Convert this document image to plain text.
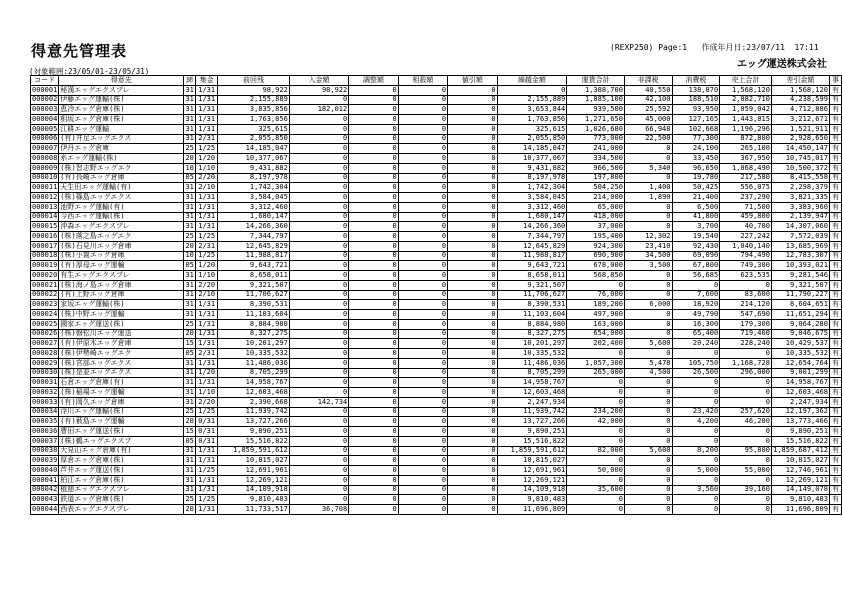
得意先管理表	(REXP250) Page:1 作成年月日:23/07/11 17:11
エッグ運送株式会社
(対象範囲:23/05/01-23/05/31)
コード	得意先	締	集金	前回残	入金額	調整額	相殺額	値引額	繰越金額	運賃合計	非課税	消費税	売上合計	差引金額	事
000001	秘漢エッグエクスプレ	31	1/31	98,922	98,922	0	0	0	0	1,388,700	40,550	138,870	1,568,120	1,568,120	有
000002	伊藤エッグ運輸(株)	31	1/31	2,155,889	0	0	0	0	2,155,889	1,885,100	42,100	188,510	2,082,710	4,238,599	有
000003	恵冷エッグ倉庫(株)	31	1/31	3,835,856	182,012	0	0	0	3,653,844	939,500	25,592	93,950	1,059,042	4,712,886	有
000004	相坂エッグ倉庫(株)	31	1/31	1,763,856	0	0	0	0	1,763,856	1,271,650	45,000	127,165	1,443,815	3,212,671	有
000005	江耕エッグ運輸	31	1/31	325,615	0	0	0	0	325,615	1,026,680	66,948	102,668	1,196,296	1,521,911	有
000006	(有)井足エッグエクス	31	2/31	2,055,850	0	0	0	0	2,055,850	773,000	22,500	77,300	872,800	2,928,650	有
000007	伊丹エッグ倉庫	25	1/25	14,185,047	0	0	0	0	14,185,047	241,000	0	24,100	265,100	14,450,147	有
000008	糸エッグ運輸(株)	20	1/20	10,377,067	0	0	0	0	10,377,067	334,500	0	33,450	367,950	10,745,017	有
000009	(株)習志野エッグエク	10	1/10	9,431,882	0	0	0	0	9,431,882	966,500	5,340	96,650	1,068,490	10,500,372	有
000010	(有)長崎エッグ倉庫	05	2/20	8,197,978	0	0	0	0	8,197,978	197,800	0	19,780	217,580	8,415,558	有
000011	天生田エッグ運輸(有)	31	2/10	1,742,304	0	0	0	0	1,742,304	504,250	1,400	50,425	556,075	2,298,379	有
000012	(株)篠島エッグエクス	31	1/31	3,584,045	0	0	0	0	3,584,045	214,000	1,890	21,400	237,290	3,821,335	有
000013	池野エッグ運輸(有)	31	1/31	3,312,460	0	0	0	0	3,312,460	65,000	0	6,500	71,500	3,383,960	有
000014	今西エッグ運輸(株)	31	1/31	1,680,147	0	0	0	0	1,680,147	418,000	0	41,800	459,800	2,139,947	有
000015	沖森エッグエクスプレ	31	1/31	14,266,360	0	0	0	0	14,266,360	37,000	0	3,700	40,700	14,307,060	有
000016	(株)落之島エッグエク	25	1/25	7,344,797	0	0	0	0	7,344,797	195,400	12,302	19,540	227,242	7,572,039	有
000017	(株)石見川エッグ倉庫	20	2/31	12,645,829	0	0	0	0	12,645,829	924,300	23,410	92,430	1,040,140	13,685,969	有
000018	(株)小置エッグ倉庫	10	1/25	11,988,817	0	0	0	0	11,988,817	690,900	34,500	69,090	794,490	12,783,307	有
000019	(有)厚母エッグ運輸	05	1/20	9,643,721	0	0	0	0	9,643,721	678,000	3,500	67,800	749,300	10,393,021	有
000020	有生エッグエクスプレ	31	1/10	8,658,011	0	0	0	0	8,658,011	568,850	0	56,685	623,535	9,281,546	有
000021	(株)海ノ島エッグ倉庫	31	2/20	9,321,507	0	0	0	0	9,321,507	0	0	0	0	9,321,507	有
000022	(有)上野エッグ倉庫	31	2/10	11,706,627	0	0	0	0	11,706,627	76,000	0	7,600	83,600	11,790,227	有
000023	家坂エッグ運輸(株)	31	1/31	8,390,531	0	0	0	0	8,390,531	189,200	6,000	18,920	214,120	8,604,651	有
000024	(株)中野エッグ運輸	31	1/31	11,103,604	0	0	0	0	11,103,604	497,900	0	49,790	547,690	11,651,294	有
000025	國家エッグ運送(株)	25	1/31	8,884,980	0	0	0	0	8,884,980	163,000	0	16,300	179,300	9,064,280	有
000026	(株)磐松川エッグ運送	20	1/31	8,327,275	0	0	0	0	8,327,275	654,000	0	65,400	719,400	9,046,675	有
000027	(有)伊原木エッグ倉庫	15	1/31	10,201,297	0	0	0	0	10,201,297	202,400	5,600	20,240	228,240	10,429,537	有
000028	(株)伊勢崎エッグエク	05	2/31	10,335,532	0	0	0	0	10,335,532	0	0	0	0	10,335,532	有
000029	(株)宮部エッグエクス	31	1/31	11,486,036	0	0	0	0	11,486,036	1,057,300	5,478	105,750	1,168,728	12,654,764	有
000030	(株)是並エッグエクス	31	1/20	8,705,299	0	0	0	0	8,705,299	265,000	4,500	26,500	296,000	9,001,299	有
000031	石倉エッグ倉庫(有)	31	1/31	14,958,767	0	0	0	0	14,958,767	0	0	0	0	14,958,767	有
000032	(株)稲場エッグ運輸	31	1/10	12,603,468	0	0	0	0	12,603,468	0	0	0	0	12,603,468	有
000033	(有)岡久エッグ倉庫	31	2/20	2,390,668	142,734	0	0	0	2,247,934	0	0	0	0	2,247,934	有
000034	浮川エッグ運輸(株)	25	1/25	11,939,742	0	0	0	0	11,939,742	234,200	0	23,420	257,620	12,197,362	有
000035	(有)薮島エッグ運輸	20	0/31	13,727,266	0	0	0	0	13,727,266	42,000	0	4,200	46,200	13,773,466	有
000036	曹田エッグ運送(株)	15	0/31	9,890,251	0	0	0	0	9,890,251	0	0	0	0	9,890,251	有
000037	(株)鵜エッグエクスプ	05	0/31	15,516,822	0	0	0	0	15,516,822	0	0	0	0	15,516,822	有
000038	大見山エッグ倉庫(有)	31	1/31	1,859,591,612	0	0	0	0	1,859,591,612	82,000	5,600	8,200	95,800	1,859,687,412	有
000039	厚倉エッグ倉庫(株)	31	1/31	10,815,027	0	0	0	0	10,815,027	0	0	0	0	10,815,027	有
000040	芦井エッグ運送(株)	31	1/25	12,691,961	0	0	0	0	12,691,961	50,000	0	5,000	55,000	12,746,961	有
000041	柏江エッグ倉庫(株)	31	1/31	12,269,121	0	0	0	0	12,269,121	0	0	0	0	12,269,121	有
000042	植逓エッグエクスプレ	31	1/31	14,109,918	0	0	0	0	14,109,918	35,600	0	3,560	39,160	14,149,078	有
000043	鉄道エッグ倉庫(株)	25	1/25	9,810,483	0	0	0	0	9,810,483	0	0	0	0	9,810,483	有
000044	西表エッグエクスプレ	20	1/31	11,733,517	36,708	0	0	0	11,696,809	0	0	0	0	11,696,809	有
